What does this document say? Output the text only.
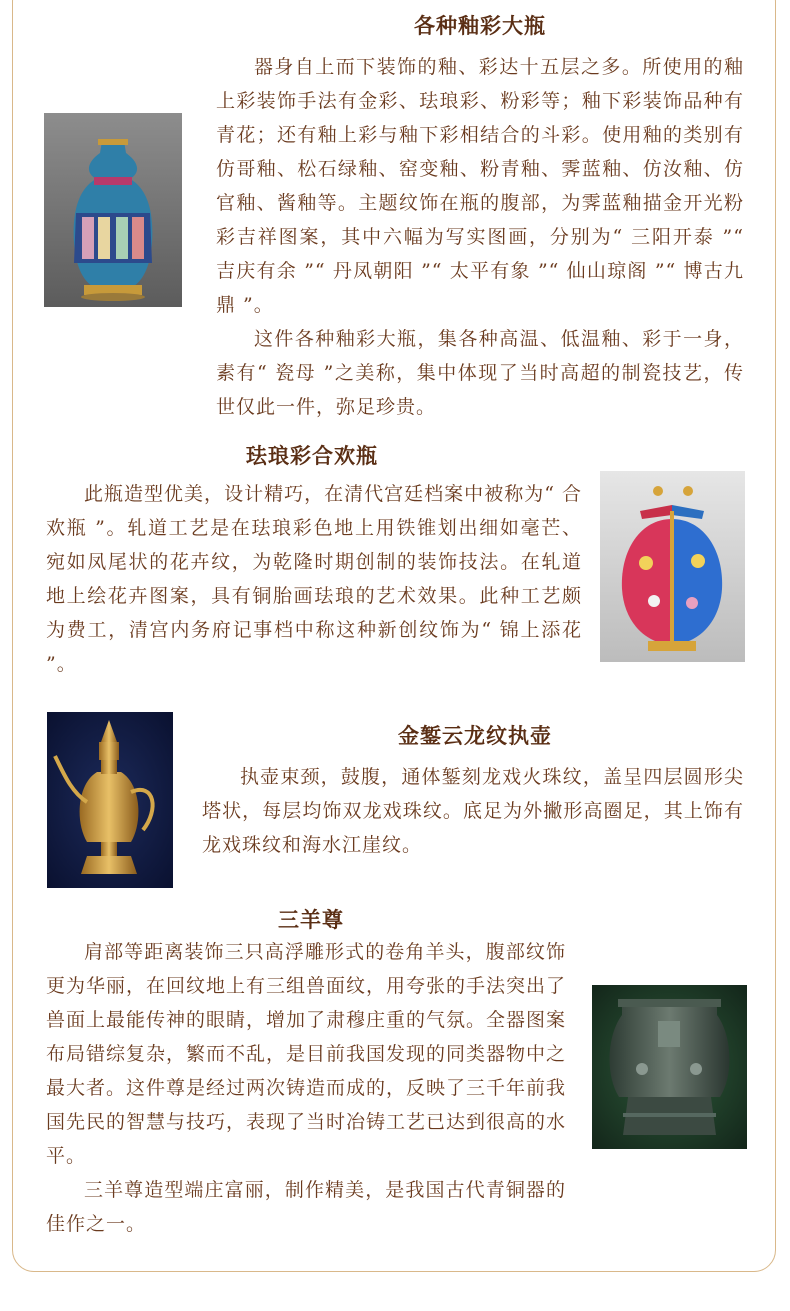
各种釉彩大瓶

器身自上而下装饰的釉、彩达十五层之多。所使用的釉上彩装饰手法有金彩、珐琅彩、粉彩等；釉下彩装饰品种有青花；还有釉上彩与釉下彩相结合的斗彩。使用釉的类别有仿哥釉、松石绿釉、窑变釉、粉青釉、霁蓝釉、仿汝釉、仿官釉、酱釉等。主题纹饰在瓶的腹部，为霁蓝釉描金开光粉彩吉祥图案，其中六幅为写实图画，分别为“ 三阳开泰 ”“ 吉庆有余 ”“ 丹凤朝阳 ”“ 太平有象 ”“ 仙山琼阁 ”“ 博古九鼎 ”。

这件各种釉彩大瓶，集各种高温、低温釉、彩于一身，素有“ 瓷母 ”之美称，集中体现了当时高超的制瓷技艺，传世仅此一件，弥足珍贵。

珐琅彩合欢瓶

此瓶造型优美，设计精巧，在清代宫廷档案中被称为“ 合欢瓶 ”。轧道工艺是在珐琅彩色地上用铁锥划出细如毫芒、宛如凤尾状的花卉纹，为乾隆时期创制的装饰技法。在轧道地上绘花卉图案，具有铜胎画珐琅的艺术效果。此种工艺颇为费工，清宫内务府记事档中称这种新创纹饰为“ 锦上添花 ”。

金錾云龙纹执壶

执壶束颈，鼓腹，通体錾刻龙戏火珠纹，盖呈四层圆形尖塔状，每层均饰双龙戏珠纹。底足为外撇形高圈足，其上饰有龙戏珠纹和海水江崖纹。

三羊尊

肩部等距离装饰三只高浮雕形式的卷角羊头，腹部纹饰更为华丽，在回纹地上有三组兽面纹，用夸张的手法突出了兽面上最能传神的眼睛，增加了肃穆庄重的气氛。全器图案布局错综复杂，繁而不乱，是目前我国发现的同类器物中之最大者。这件尊是经过两次铸造而成的，反映了三千年前我国先民的智慧与技巧，表现了当时冶铸工艺已达到很高的水平。

三羊尊造型端庄富丽，制作精美，是我国古代青铜器的佳作之一。
